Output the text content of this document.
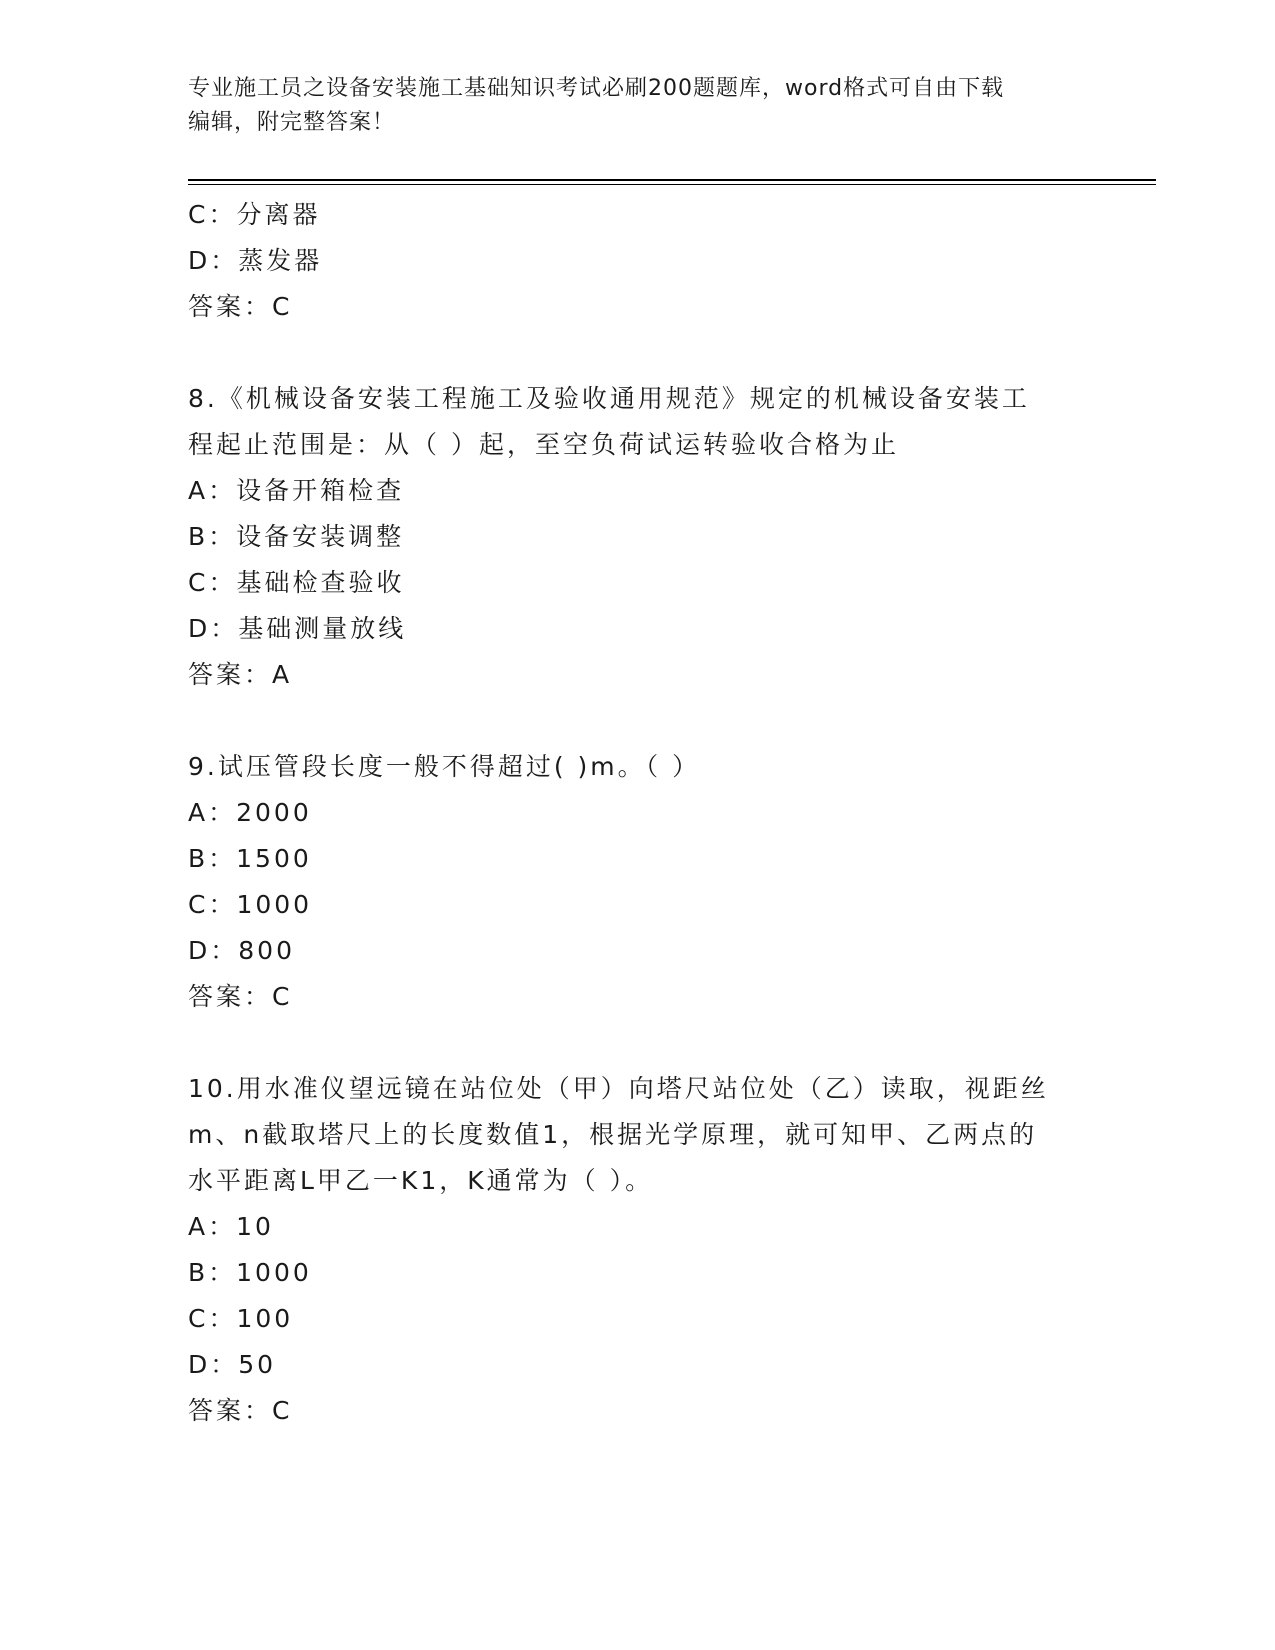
专业施工员之设备安装施工基础知识考试必刷200题题库，word格式可自由下载
编辑，附完整答案！
C：分离器
D：蒸发器
答案：C
8.《机械设备安装工程施工及验收通用规范》规定的机械设备安装工
程起止范围是：从（ ）起，至空负荷试运转验收合格为止
A：设备开箱检查
B：设备安装调整
C：基础检查验收
D：基础测量放线
答案：A
9.试压管段长度一般不得超过( )m。（ ）
A：2000
B：1500
C：1000
D：800
答案：C
10.用水准仪望远镜在站位处（甲）向塔尺站位处（乙）读取，视距丝
m、n截取塔尺上的长度数值1，根据光学原理，就可知甲、乙两点的
水平距离L甲乙一K1，K通常为（ ）。
A：10
B：1000
C：100
D：50
答案：C
